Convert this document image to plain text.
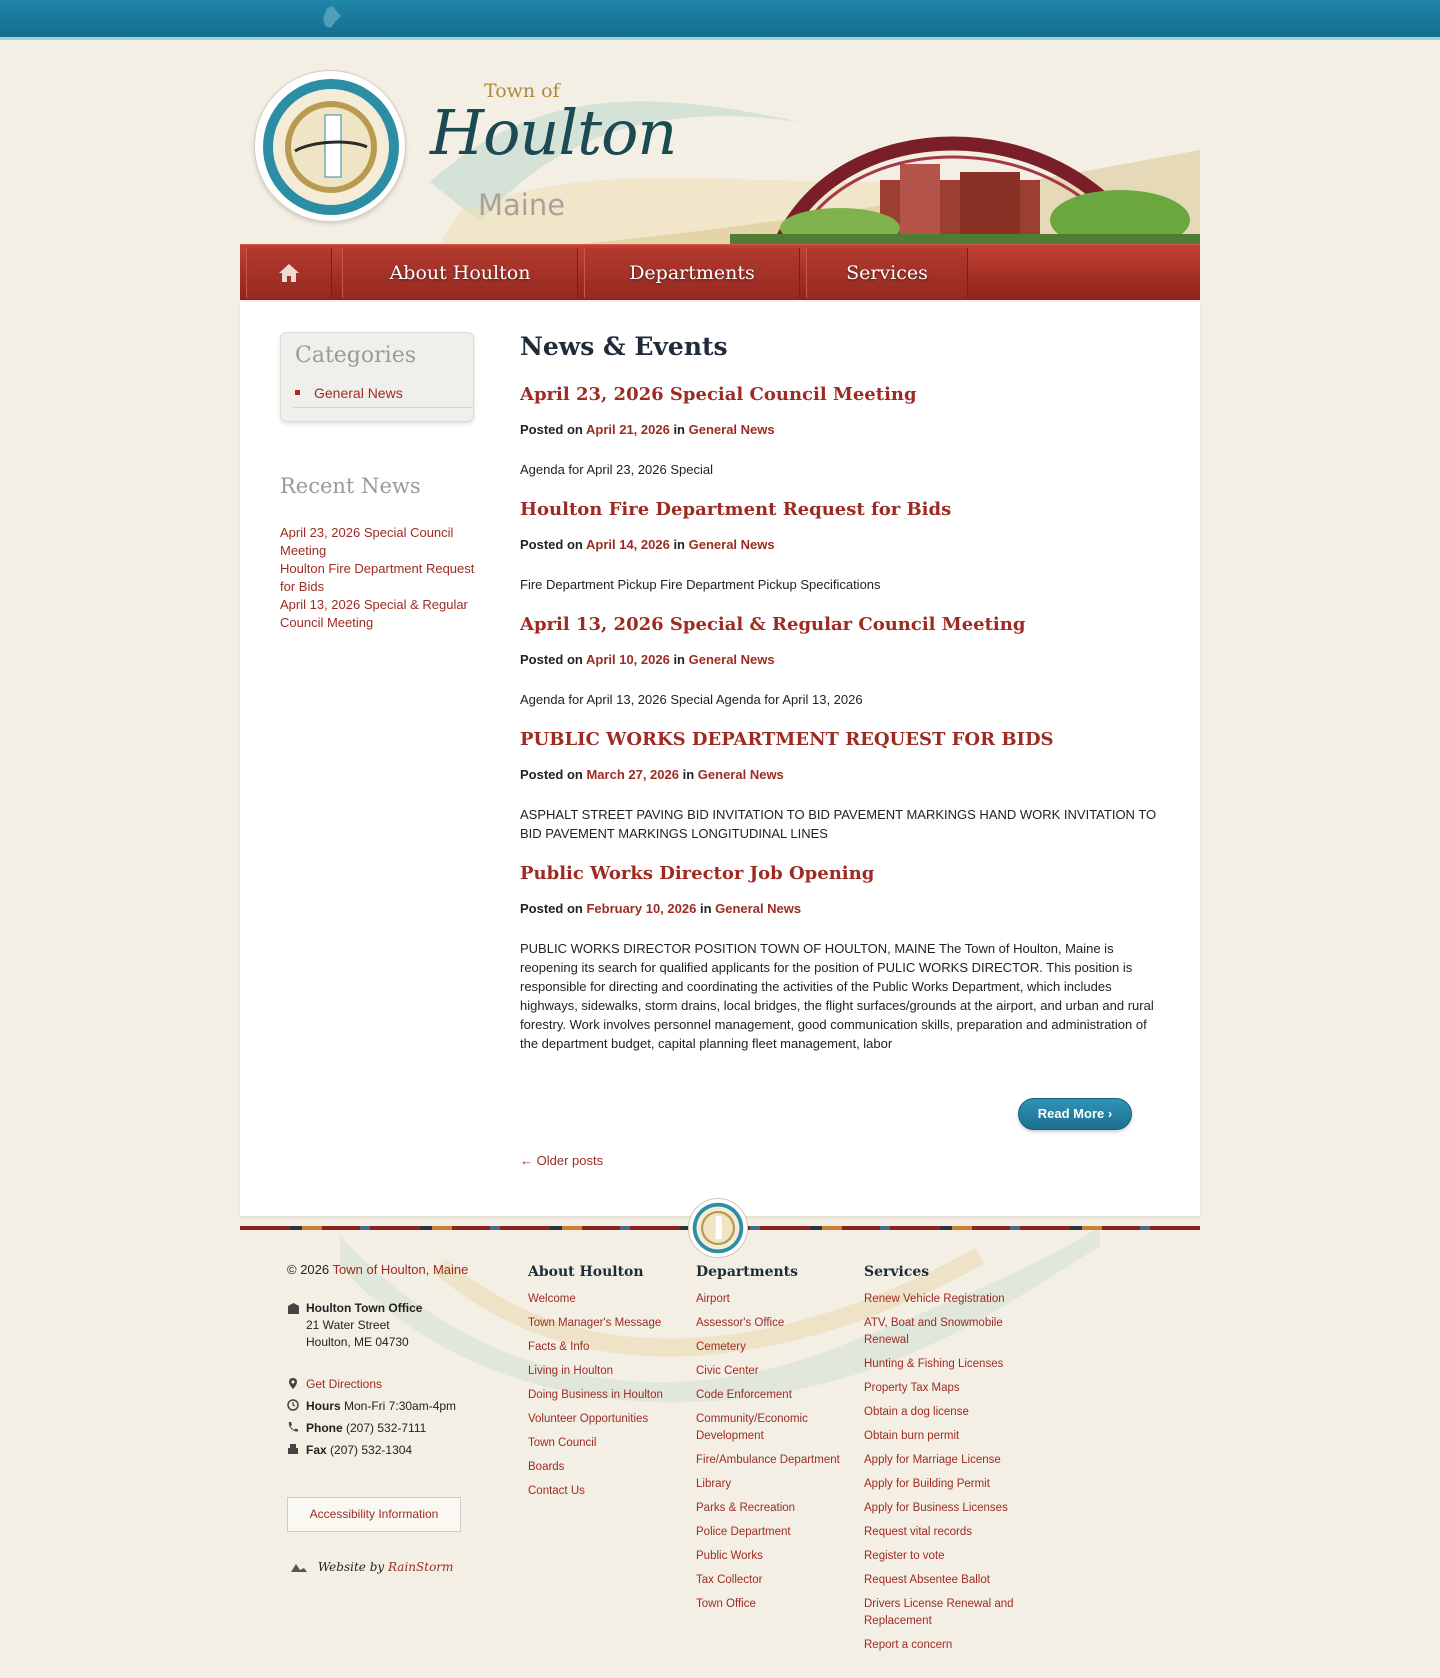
Town of
Houlton
Maine
About Houlton	Departments	Services
Categories
General News
Recent News
April 23, 2026 Special Council Meeting
Houlton Fire Department Request for Bids
April 13, 2026 Special & Regular Council Meeting
News & Events
April 23, 2026 Special Council Meeting
Posted on April 21, 2026 in General News

Agenda for April 23, 2026 Special

Houlton Fire Department Request for Bids
Posted on April 14, 2026 in General News

Fire Department Pickup Fire Department Pickup Specifications

April 13, 2026 Special & Regular Council Meeting
Posted on April 10, 2026 in General News

Agenda for April 13, 2026 Special Agenda for April 13, 2026

PUBLIC WORKS DEPARTMENT REQUEST FOR BIDS
Posted on March 27, 2026 in General News

ASPHALT STREET PAVING BID INVITATION TO BID PAVEMENT MARKINGS HAND WORK INVITATION TO BID PAVEMENT MARKINGS LONGITUDINAL LINES

Public Works Director Job Opening
Posted on February 10, 2026 in General News

PUBLIC WORKS DIRECTOR POSITION TOWN OF HOULTON, MAINE The Town of Houlton, Maine is reopening its search for qualified applicants for the position of PULIC WORKS DIRECTOR. This position is responsible for directing and coordinating the activities of the Public Works Department, which includes highways, sidewalks, storm drains, local bridges, the flight surfaces/grounds at the airport, and urban and rural forestry. Work involves personnel management, good communication skills, preparation and administration of the department budget, capital planning fleet management, labor

Read More ›
← Older posts
© 2026 Town of Houlton, Maine
Houlton Town Office
21 Water Street
Houlton, ME 04730
Get Directions
Hours Mon-Fri 7:30am-4pm
Phone (207) 532-7111
Fax (207) 532-1304
Accessibility Information
Website by RainStorm
About Houlton
Welcome
Town Manager's Message
Facts & Info
Living in Houlton
Doing Business in Houlton
Volunteer Opportunities
Town Council
Boards
Contact Us
Departments
Airport
Assessor's Office
Cemetery
Civic Center
Code Enforcement
Community/Economic Development
Fire/Ambulance Department
Library
Parks & Recreation
Police Department
Public Works
Tax Collector
Town Office
Services
Renew Vehicle Registration
ATV, Boat and Snowmobile Renewal
Hunting & Fishing Licenses
Property Tax Maps
Obtain a dog license
Obtain burn permit
Apply for Marriage License
Apply for Building Permit
Apply for Business Licenses
Request vital records
Register to vote
Request Absentee Ballot
Drivers License Renewal and Replacement
Report a concern
